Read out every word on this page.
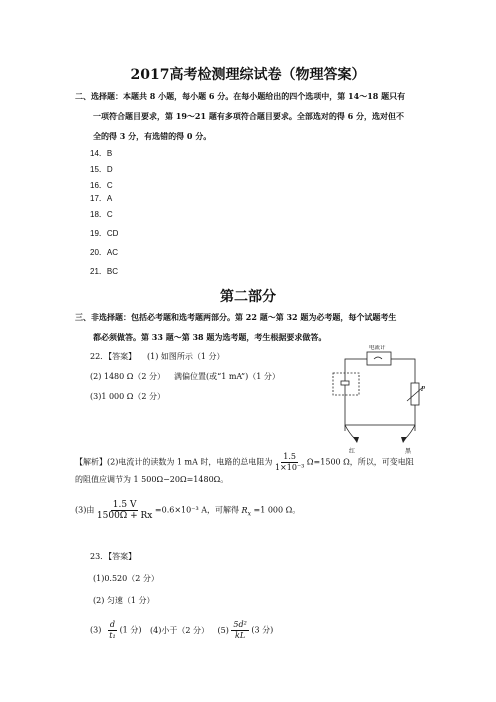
2017高考检测理综试卷（物理答案）
二、选择题：本题共 8 小题，每小题 6 分。在每小题给出的四个选项中，第 14～18 题只有
一项符合题目要求，第 19～21 题有多项符合题目要求。全部选对的得 6 分，选对但不
全的得 3 分，有选错的得 0 分。
14．B
15．D
16．C
17．A
18．C
19．CD
20．AC
21．BC
第二部分
三、非选择题：包括必考题和选考题两部分。第 22 题～第 32 题为必考题，每个试题考生
都必须做答。第 33 题～第 38 题为选考题，考生根据要求做答。
22．【答案】 (1) 如图所示（1 分）
(2) 1480 Ω（2 分） 满偏位置(或“1 mA”)（1 分）
(3)1 000 Ω（2 分）
电流计
P
红	黑
【解析】(2)电流计的读数为 1 mA 时，电路的总电阻为 $\frac{1.5}{\text{1×10⁻³}} \Omega=1500$ Ω，所以，可变电阻
的阻值应调节为 1 500Ω−20Ω=1480Ω。
(3)由 $\frac{1.5 V}{1500\Omega + Rx} =0.6\times 10^{-3}$ A，可解得 $R_x =1$ 000 Ω。
23．【答案】
(1)0.520（2 分）
(2) 匀速（1 分）
$(3) \frac{d}{\text{t₁}} (1$ 分) (4)小于（2 分） $(5) \frac{\text{5d²}}{kL} (3$ 分)
